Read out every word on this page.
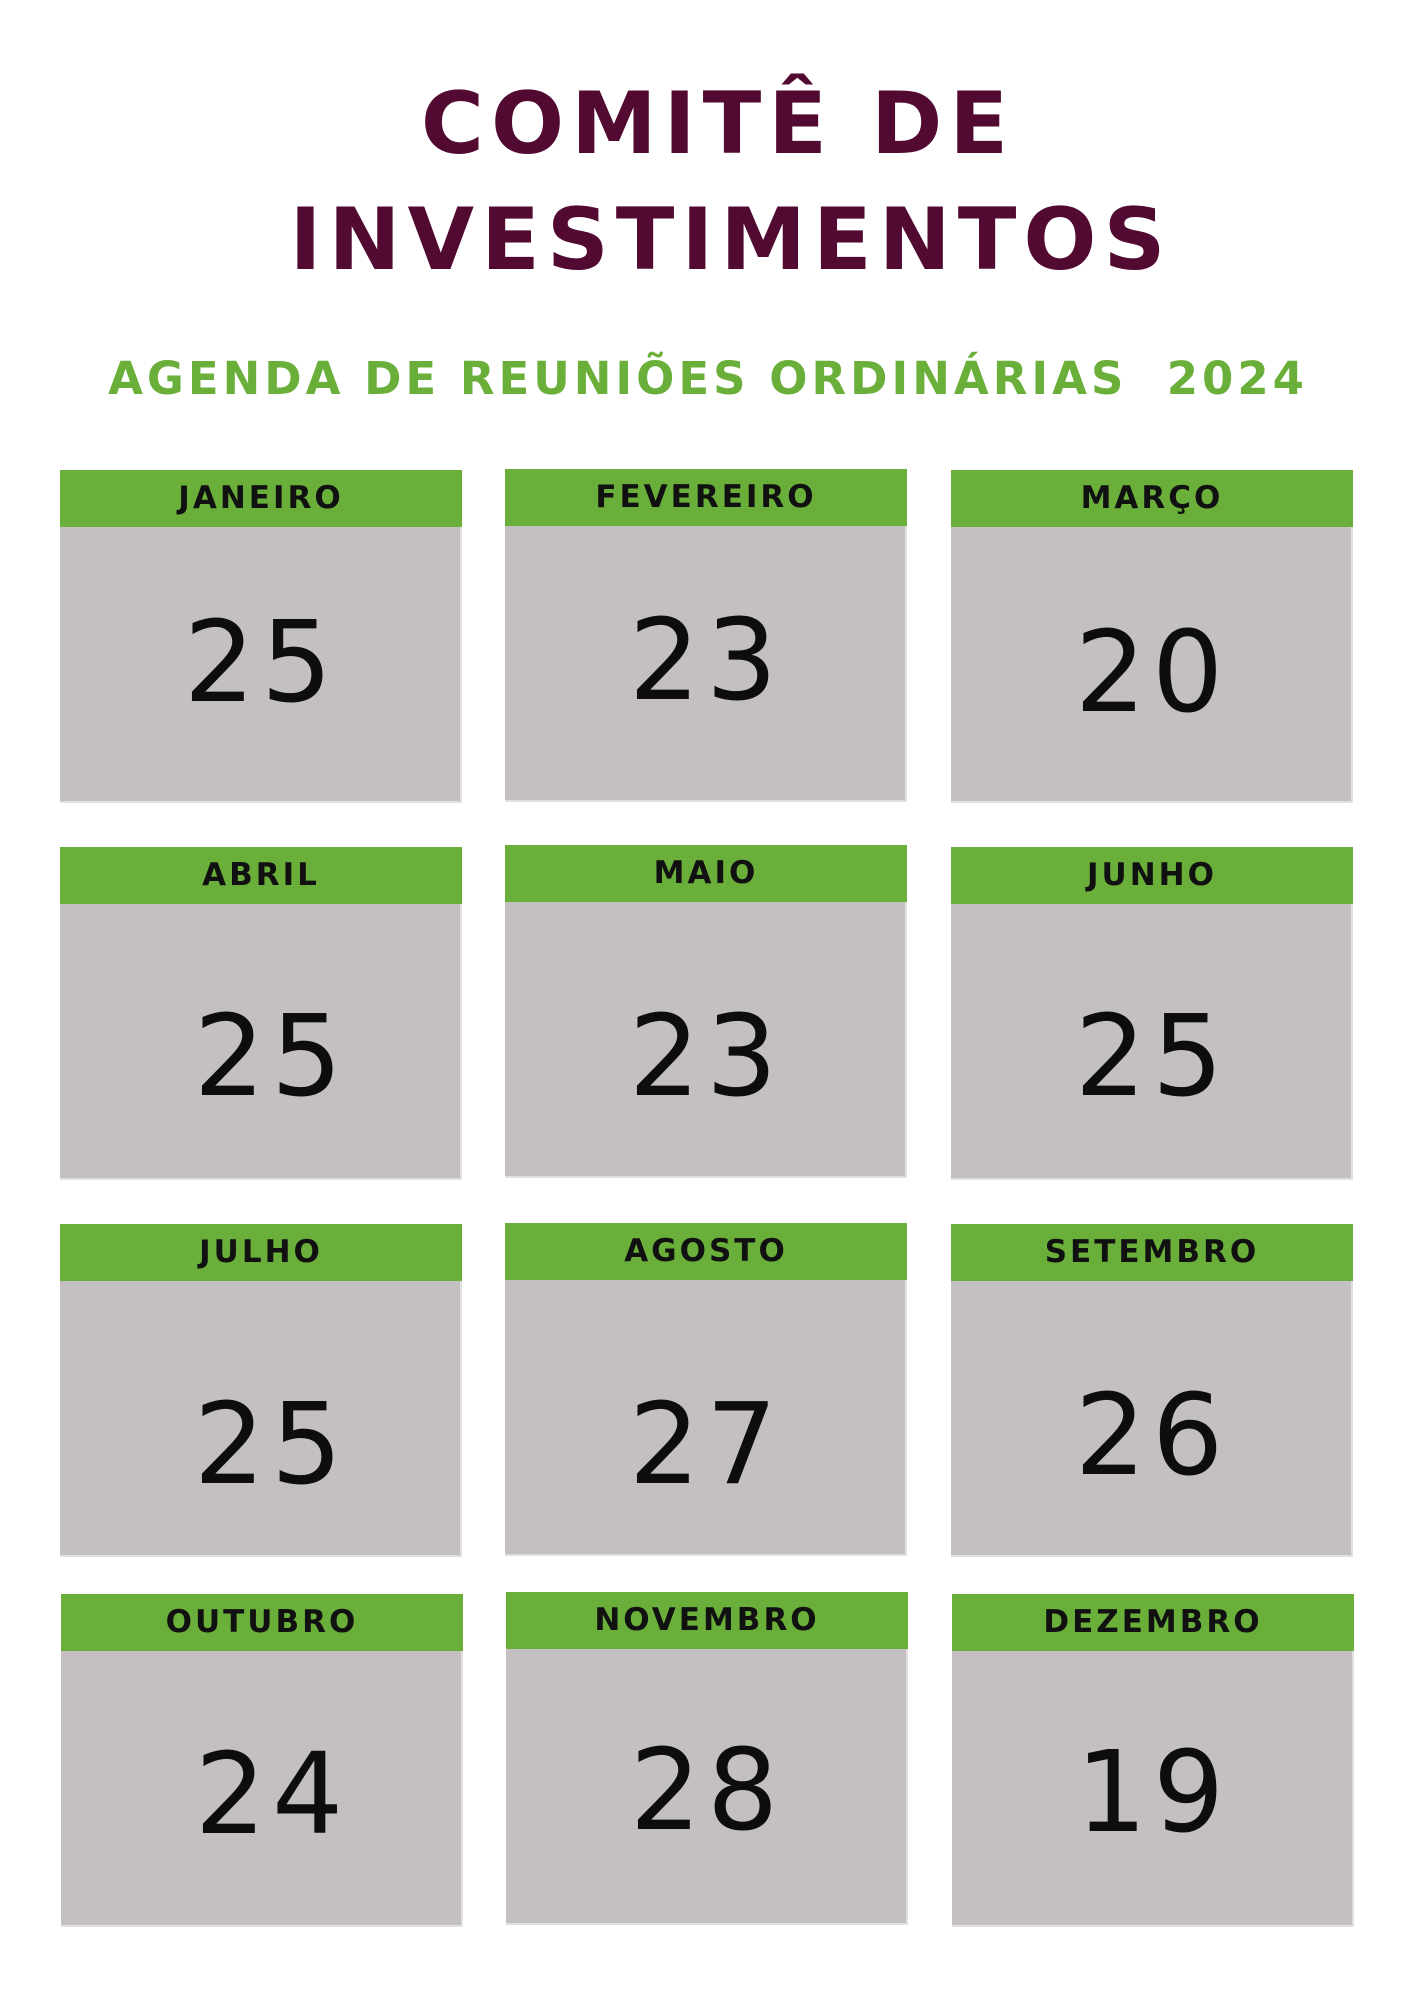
COMITÊ DE
INVESTIMENTOS
AGENDA DE REUNIÕES ORDINÁRIAS  2024
JANEIRO
25
FEVEREIRO
23
MARÇO
20
ABRIL
25
MAIO
23
JUNHO
25
JULHO
25
AGOSTO
27
SETEMBRO
26
OUTUBRO
24
NOVEMBRO
28
DEZEMBRO
19
